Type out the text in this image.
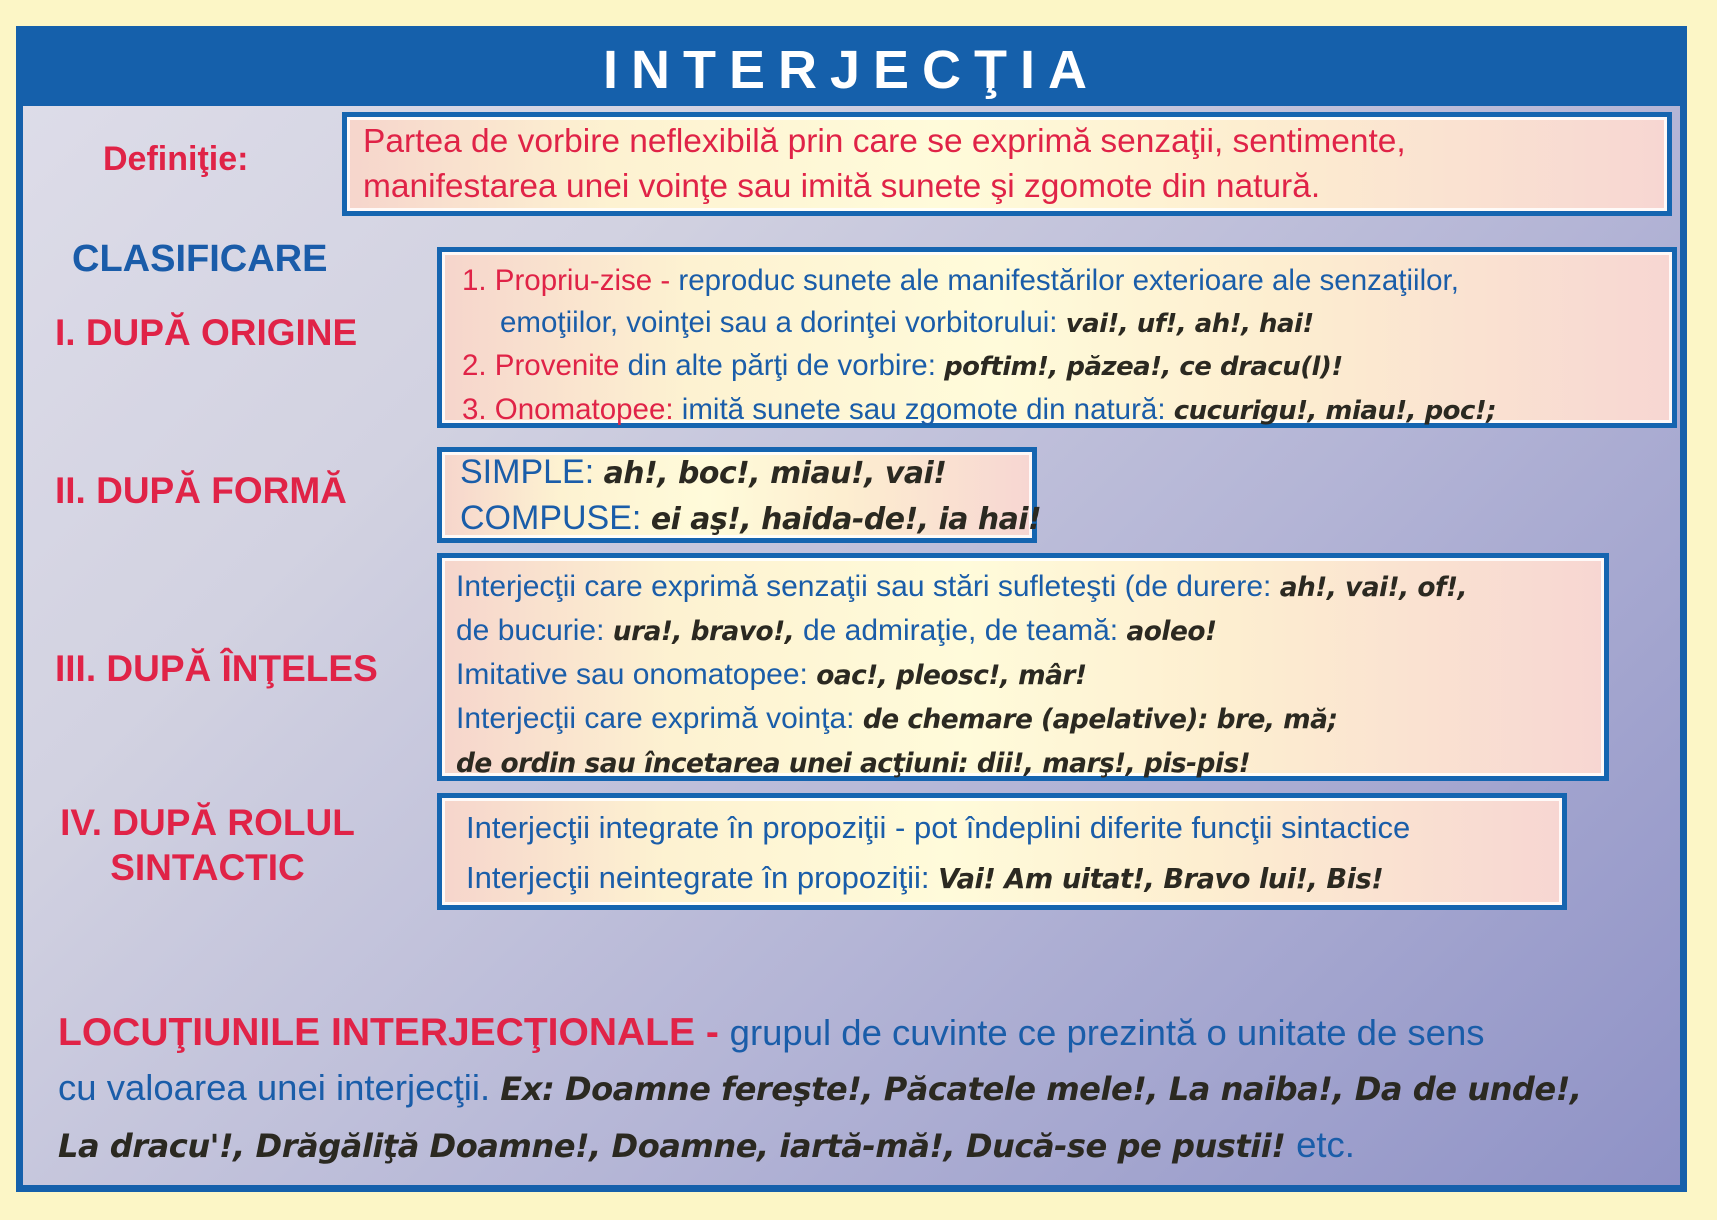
INTERJECŢIA
Definiţie:	Partea de vorbire neflexibilă prin care se exprimă senzaţii, sentimente,
manifestarea unei voinţe sau imită sunete şi zgomote din natură.
CLASIFICARE
I. DUPĂ ORIGINE
1. Propriu-zise - reproduc sunete ale manifestărilor exterioare ale senzaţiilor,
emoţiilor, voinţei sau a dorinţei vorbitorului: vai!, uf!, ah!, hai!
2. Provenite din alte părţi de vorbire: poftim!, păzea!, ce dracu(l)!
3. Onomatopee: imită sunete sau zgomote din natură: cucurigu!, miau!, poc!;
II. DUPĂ FORMĂ	SIMPLE: ah!, boc!, miau!, vai!
COMPUSE: ei aş!, haida-de!, ia hai!
III. DUPĂ ÎNŢELES
Interjecţii care exprimă senzaţii sau stări sufleteşti (de durere: ah!, vai!, of!,
de bucurie: ura!, bravo!, de admiraţie, de teamă: aoleo!
Imitative sau onomatopee: oac!, pleosc!, mâr!
Interjecţii care exprimă voinţa: de chemare (apelative): bre, mă;
de ordin sau încetarea unei acţiuni: dii!, marş!, pis-pis!
IV. DUPĂ ROLUL
SINTACTIC
Interjecţii integrate în propoziţii - pot îndeplini diferite funcţii sintactice
Interjecţii neintegrate în propoziţii: Vai! Am uitat!, Bravo lui!, Bis!
LOCUŢIUNILE INTERJECŢIONALE - grupul de cuvinte ce prezintă o unitate de sens
cu valoarea unei interjecţii. Ex: Doamne fereşte!, Păcatele mele!, La naiba!, Da de unde!,
La dracu'!, Drăgăliţă Doamne!, Doamne, iartă-mă!, Ducă-se pe pustii! etc.
